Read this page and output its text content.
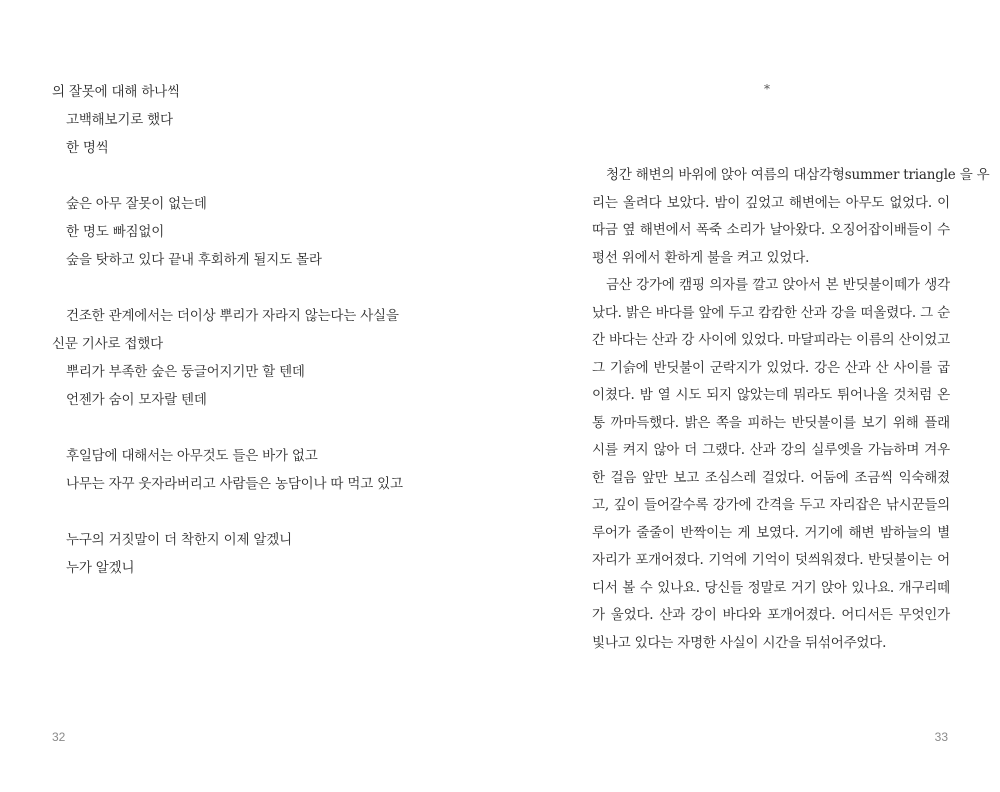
의 잘못에 대해 하나씩
고백해보기로 했다
한 명씩
숲은 아무 잘못이 없는데
한 명도 빠짐없이
숲을 탓하고 있다 끝내 후회하게 될지도 몰라
건조한 관계에서는 더이상 뿌리가 자라지 않는다는 사실을
신문 기사로 접했다
뿌리가 부족한 숲은 둥글어지기만 할 텐데
언젠가 숨이 모자랄 텐데
후일담에 대해서는 아무것도 들은 바가 없고
나무는 자꾸 웃자라버리고 사람들은 농담이나 따 먹고 있고
누구의 거짓말이 더 착한지 이제 알겠니
누가 알겠니
32
*
청간 해변의 바위에 앉아 여름의 대삼각형summer triangle 을 우
리는 올려다 보았다. 밤이 깊었고 해변에는 아무도 없었다. 이
따금 옆 해변에서 폭죽 소리가 날아왔다. 오징어잡이배들이 수
평선 위에서 환하게 불을 켜고 있었다.
금산 강가에 캠핑 의자를 깔고 앉아서 본 반딧불이떼가 생각
났다. 밝은 바다를 앞에 두고 캄캄한 산과 강을 떠올렸다. 그 순
간 바다는 산과 강 사이에 있었다. 마달피라는 이름의 산이었고
그 기슭에 반딧불이 군락지가 있었다. 강은 산과 산 사이를 굽
이쳤다. 밤 열 시도 되지 않았는데 뭐라도 튀어나올 것처럼 온
통 까마득했다. 밝은 쪽을 피하는 반딧불이를 보기 위해 플래
시를 켜지 않아 더 그랬다. 산과 강의 실루엣을 가늠하며 겨우
한 걸음 앞만 보고 조심스레 걸었다. 어둠에 조금씩 익숙해졌
고, 깊이 들어갈수록 강가에 간격을 두고 자리잡은 낚시꾼들의
루어가 줄줄이 반짝이는 게 보였다. 거기에 해변 밤하늘의 별
자리가 포개어졌다. 기억에 기억이 덧씌워졌다. 반딧불이는 어
디서 볼 수 있나요. 당신들 정말로 거기 앉아 있나요. 개구리떼
가 울었다. 산과 강이 바다와 포개어졌다. 어디서든 무엇인가
빛나고 있다는 자명한 사실이 시간을 뒤섞어주었다.
33
